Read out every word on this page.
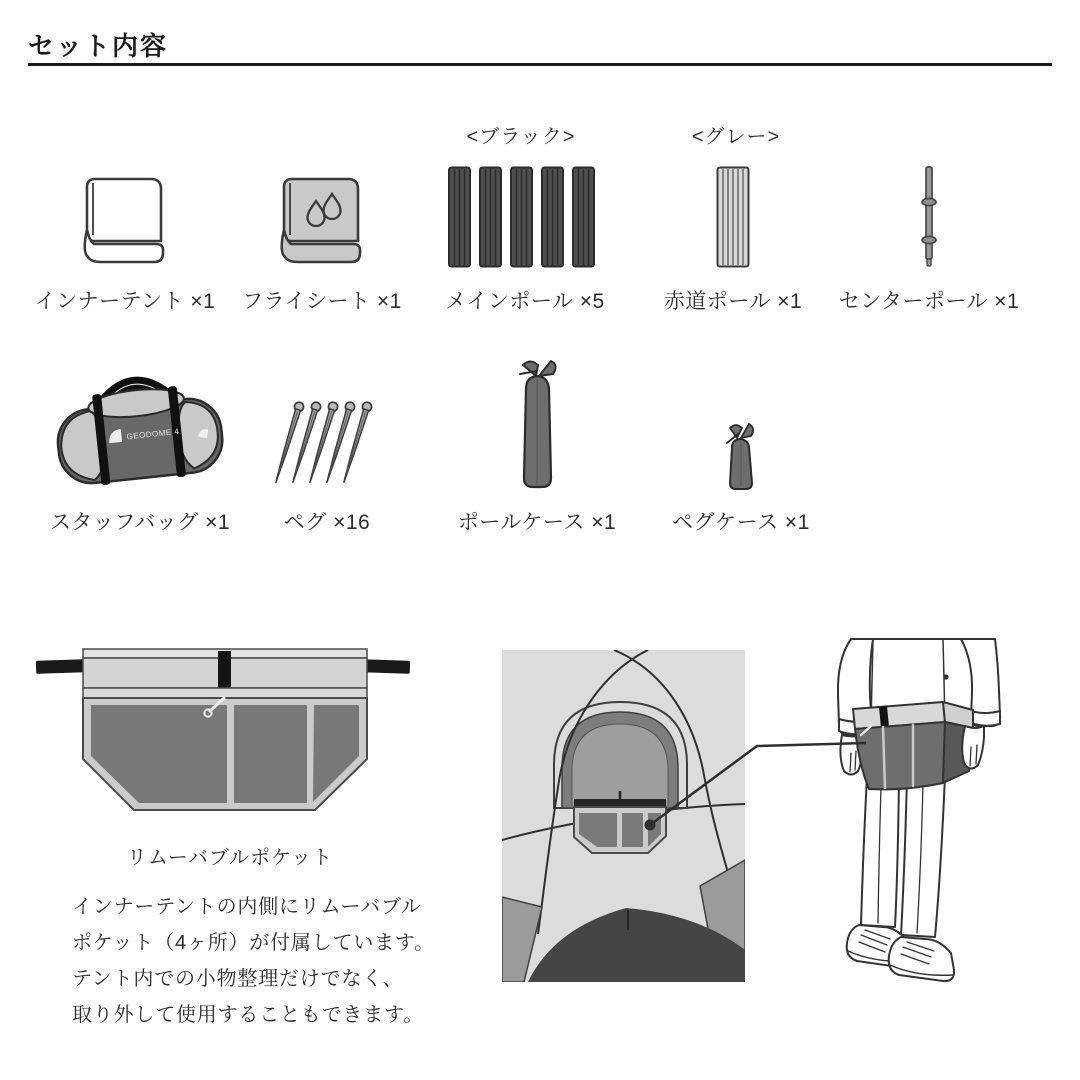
セット内容
<ブラック>	<グレー>
インナーテント ×1 フライシート ×1 メインポール ×5	赤道ポール ×1 センターポール ×1
GEODOME 4
スタッフバッグ ×1	ペグ ×16	ポールケース ×1	ペグケース ×1
リムーバブルポケット
インナーテントの内側にリムーバブル
ポケット（4ヶ所）が付属しています。
テント内での小物整理だけでなく、
取り外して使用することもできます。
